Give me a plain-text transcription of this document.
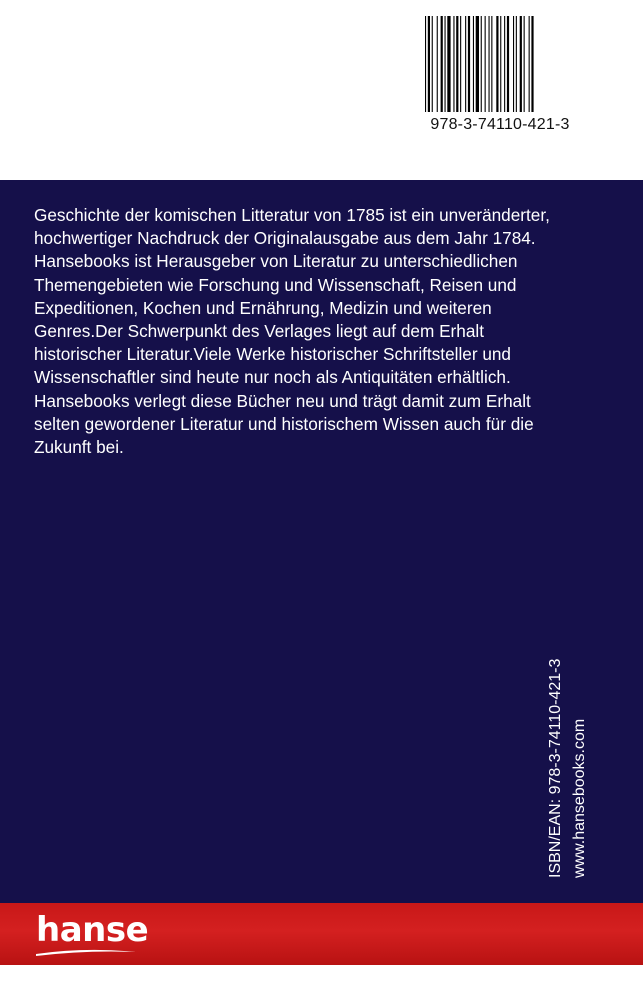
978-3-74110-421-3
Geschichte der komischen Litteratur von 1785 ist ein unveränderter,
hochwertiger Nachdruck der Originalausgabe aus dem Jahr 1784.
Hansebooks ist Herausgeber von Literatur zu unterschiedlichen
Themengebieten wie Forschung und Wissenschaft, Reisen und
Expeditionen, Kochen und Ernährung, Medizin und weiteren
Genres.Der Schwerpunkt des Verlages liegt auf dem Erhalt
historischer Literatur.Viele Werke historischer Schriftsteller und
Wissenschaftler sind heute nur noch als Antiquitäten erhältlich.
Hansebooks verlegt diese Bücher neu und trägt damit zum Erhalt
selten gewordener Literatur und historischem Wissen auch für die
Zukunft bei.
ISBN/EAN: 978-3-74110-421-3 www.hansebooks.com
hanse
